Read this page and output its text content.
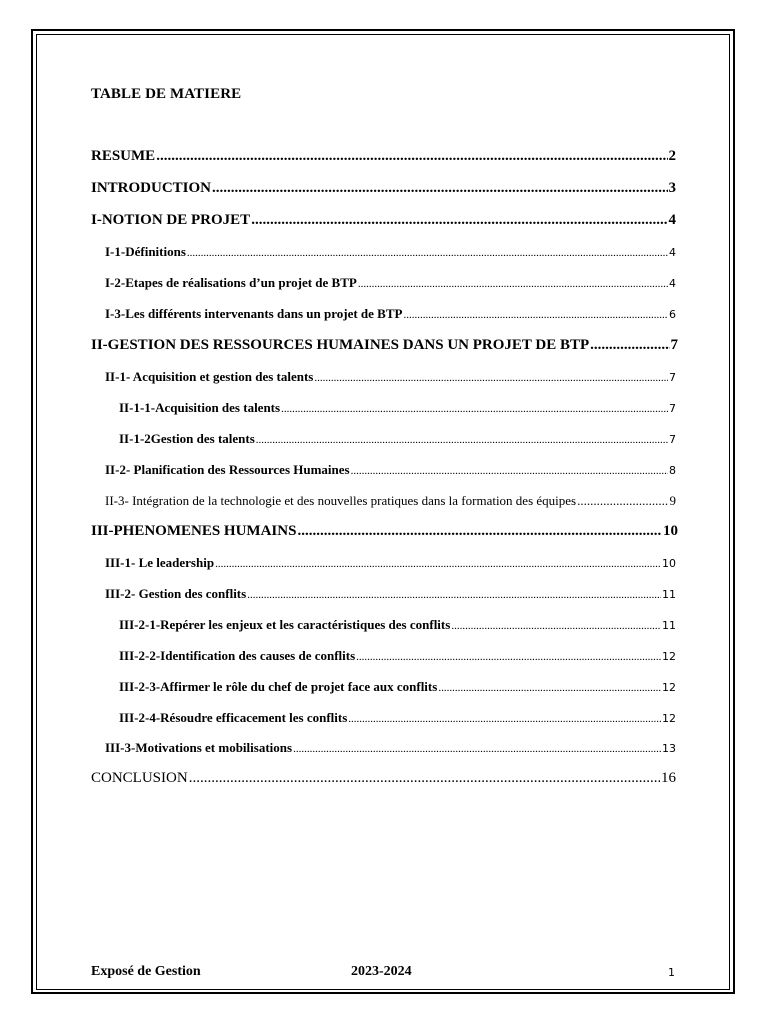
TABLE DE MATIERE
RESUME .....	2
INTRODUCTION .....	3
I-NOTION DE PROJET .....	4
I-1-Définitions .....	4
I-2-Etapes de réalisations d’un projet de BTP .....	4
I-3-Les différents intervenants dans un projet de BTP .....	6
II-GESTION DES RESSOURCES HUMAINES DANS UN PROJET DE BTP .....	7
II-1- Acquisition et gestion des talents .....	7
II-1-1-Acquisition des talents .....	7
II-1-2Gestion des talents .....	7
II-2- Planification des Ressources Humaines .....	8
II-3- Intégration de la technologie et des nouvelles pratiques dans la formation des équipes .....	9
III-PHENOMENES HUMAINS .....	10
III-1- Le leadership .....	10
III-2- Gestion des conflits .....	11
III-2-1-Repérer les enjeux et les caractéristiques des conflits .....	11
III-2-2-Identification des causes de conflits .....	12
III-2-3-Affirmer le rôle du chef de projet face aux conflits .....	12
III-2-4-Résoudre efficacement les conflits .....	12
III-3-Motivations et mobilisations .....	13
CONCLUSION .....	16
Exposé de Gestion	2023-2024	1
